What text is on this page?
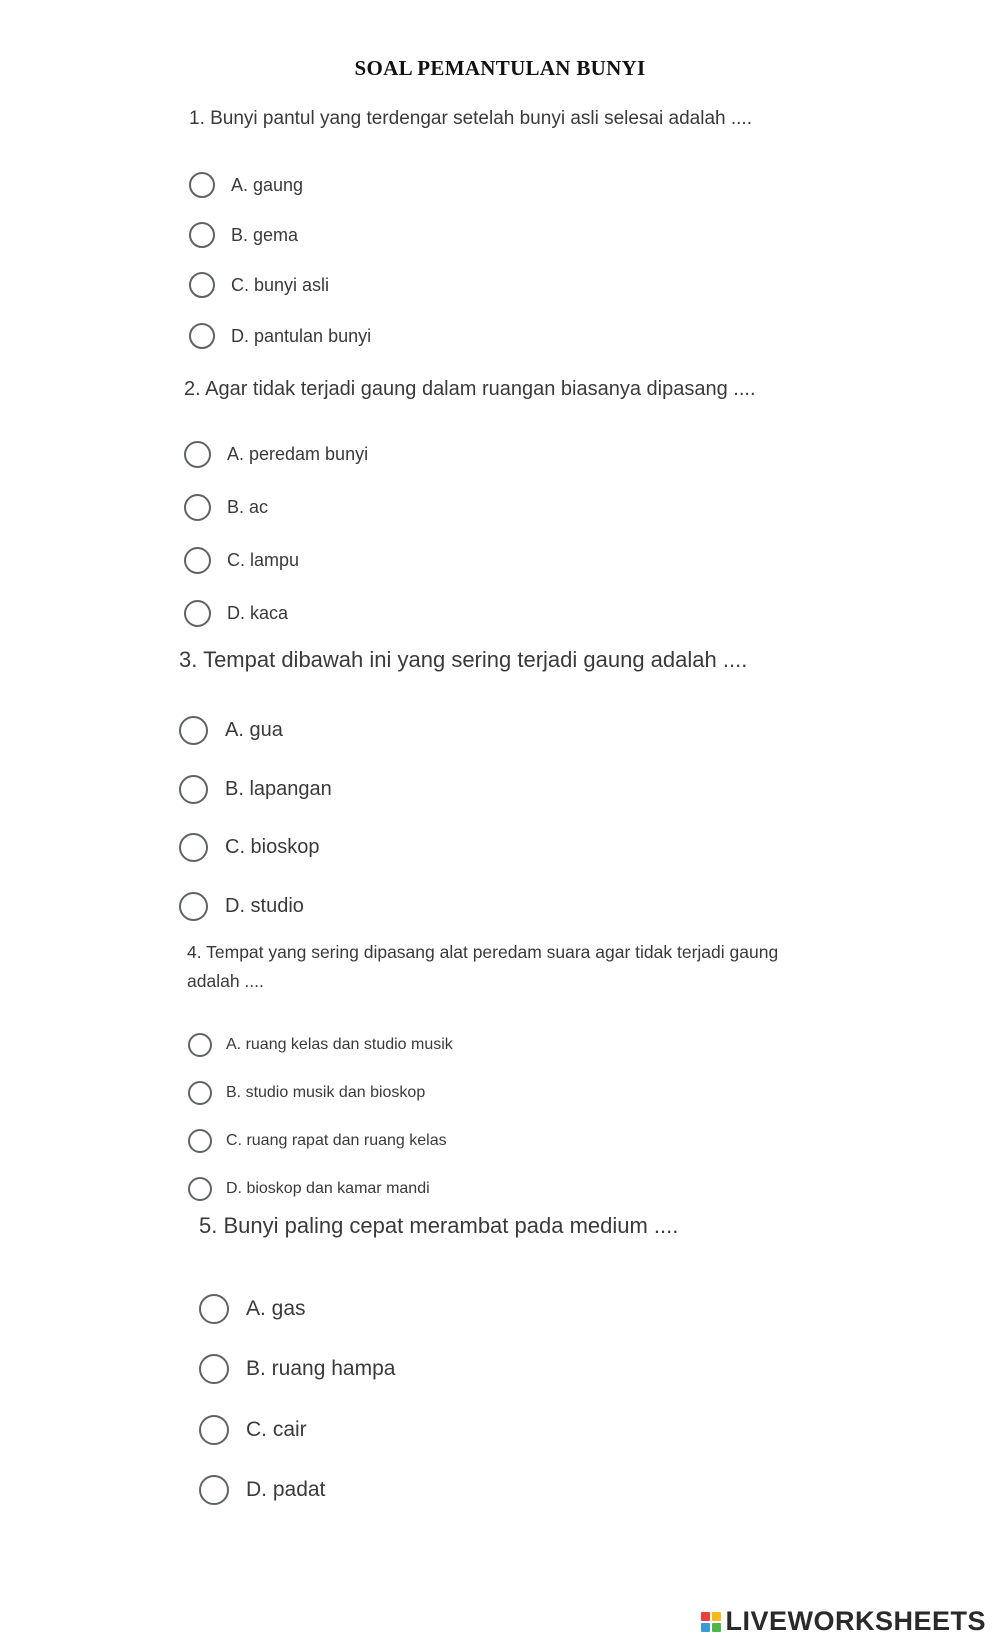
SOAL PEMANTULAN BUNYI
1. Bunyi pantul yang terdengar setelah bunyi asli selesai adalah ....
A. gaung
B. gema
C. bunyi asli
D. pantulan bunyi
2. Agar tidak terjadi gaung dalam ruangan biasanya dipasang ....
A. peredam bunyi
B. ac
C. lampu
D. kaca
3. Tempat dibawah ini yang sering terjadi gaung adalah ....
A. gua
B. lapangan
C. bioskop
D. studio
4. Tempat yang sering dipasang alat peredam suara agar tidak terjadi gaung adalah ....
A. ruang kelas dan studio musik
B. studio musik dan bioskop
C. ruang rapat dan ruang kelas
D. bioskop dan kamar mandi
5. Bunyi paling cepat merambat pada medium ....
A. gas
B. ruang hampa
C. cair
D. padat
LIVEWORKSHEETS
